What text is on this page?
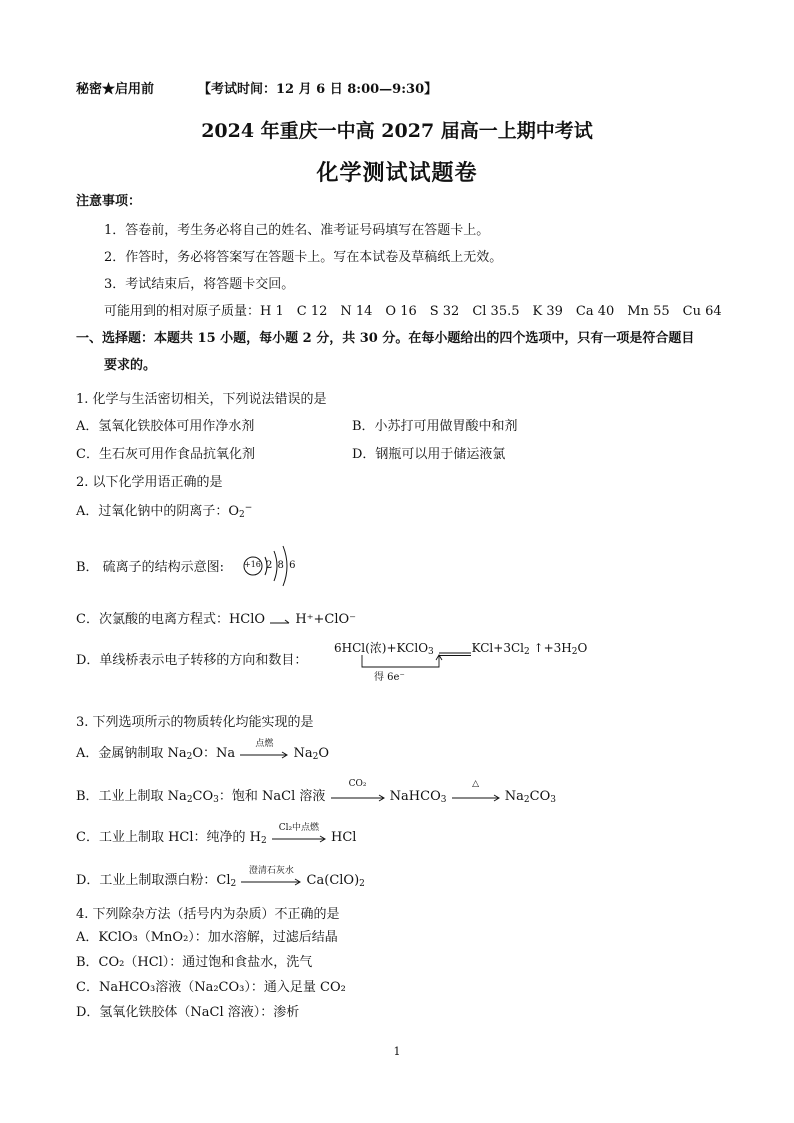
秘密★启用前	【考试时间：12 月 6 日 8:00—9:30】
2024 年重庆一中高 2027 届高一上期中考试
化学测试试题卷
注意事项：
1．答卷前，考生务必将自己的姓名、准考证号码填写在答题卡上。
2．作答时，务必将答案写在答题卡上。写在本试卷及草稿纸上无效。
3．考试结束后，将答题卡交回。
可能用到的相对原子质量：H 1　C 12　N 14　O 16　S 32　Cl 35.5　K 39　Ca 40　Mn 55　Cu 64
一、选择题：本题共 15 小题，每小题 2 分，共 30 分。在每小题给出的四个选项中，只有一项是符合题目
要求的。
1. 化学与生活密切相关，下列说法错误的是
A．氢氧化铁胶体可用作净水剂	B．小苏打可用做胃酸中和剂
C．生石灰可用作食品抗氧化剂	D．钢瓶可以用于储运液氯
2. 以下化学用语正确的是
A．过氧化钠中的阴离子：$O_2^-$
B． 硫离子的结构示意图: +16 2 8 6
C．次氯酸的电离方程式：HClO → H⁺+ClO⁻
D．单线桥表示电子转移的方向和数目：
6HCl(浓)+KClO$_3$	$KCl+3Cl_2$ $↑+3H_2O$
得 6e⁻
3. 下列选项所示的物质转化均能实现的是
A．金属钠制取 $Na_2O$：Na
点燃
$Na_2O$
B．工业上制取 $Na_2CO_3$：饱和 NaCl 溶液
CO₂
NaHCO$_3$
△
$Na_2CO_3$
C．工业上制取 HCl：纯净的 $H_2$
Cl₂中点燃
HCl
D．工业上制取漂白粉：$Cl_2$
澄清石灰水
$Ca(ClO)_2$
4. 下列除杂方法（括号内为杂质）不正确的是
A．KClO₃（MnO₂）：加水溶解，过滤后结晶
B．CO₂（HCl）：通过饱和食盐水，洗气
C．NaHCO₃溶液（Na₂CO₃）：通入足量 CO₂
D．氢氧化铁胶体（NaCl 溶液）：渗析
1
